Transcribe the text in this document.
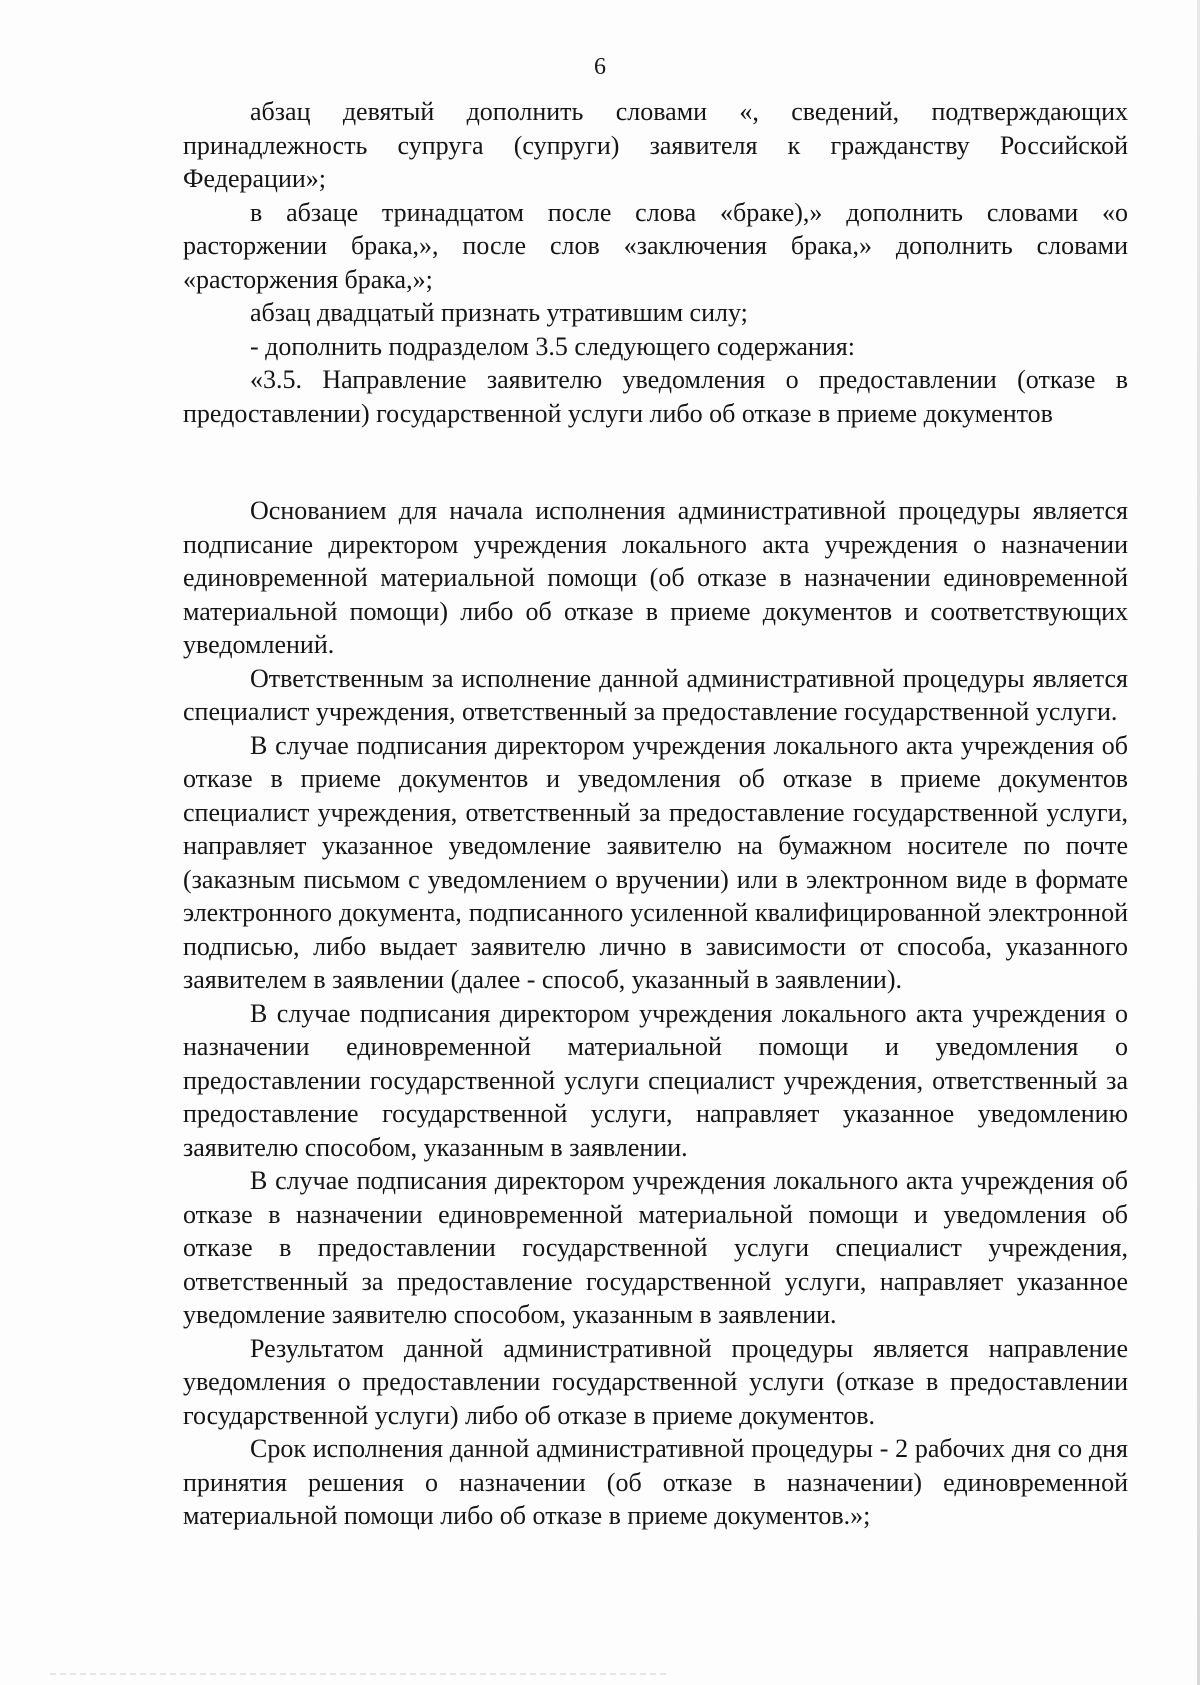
6

абзац девятый дополнить словами «, сведений, подтверждающих принадлежность супруга (супруги) заявителя к гражданству Российской Федерации»;

в абзаце тринадцатом после слова «браке),» дополнить словами «о расторжении брака,», после слов «заключения брака,» дополнить словами «расторжения брака,»;

абзац двадцатый признать утратившим силу;

- дополнить подразделом 3.5 следующего содержания:

«3.5. Направление заявителю уведомления о предоставлении (отказе в предоставлении) государственной услуги либо об отказе в приеме документов

Основанием для начала исполнения административной процедуры является подписание директором учреждения локального акта учреждения о назначении единовременной материальной помощи (об отказе в назначении единовременной материальной помощи) либо об отказе в приеме документов и соответствующих уведомлений.

Ответственным за исполнение данной административной процедуры является специалист учреждения, ответственный за предоставление государственной услуги.

В случае подписания директором учреждения локального акта учреждения об отказе в приеме документов и уведомления об отказе в приеме документов специалист учреждения, ответственный за предоставление государственной услуги, направляет указанное уведомление заявителю на бумажном носителе по почте (заказным письмом с уведомлением о вручении) или в электронном виде в формате электронного документа, подписанного усиленной квалифицированной электронной подписью, либо выдает заявителю лично в зависимости от способа, указанного заявителем в заявлении (далее - способ, указанный в заявлении).

В случае подписания директором учреждения локального акта учреждения о назначении единовременной материальной помощи и уведомления о предоставлении государственной услуги специалист учреждения, ответственный за предоставление государственной услуги, направляет указанное уведомлению заявителю способом, указанным в заявлении.

В случае подписания директором учреждения локального акта учреждения об отказе в назначении единовременной материальной помощи и уведомления об отказе в предоставлении государственной услуги специалист учреждения, ответственный за предоставление государственной услуги, направляет указанное уведомление заявителю способом, указанным в заявлении.

Результатом данной административной процедуры является направление уведомления о предоставлении государственной услуги (отказе в предоставлении государственной услуги) либо об отказе в приеме документов.

Срок исполнения данной административной процедуры - 2 рабочих дня со дня принятия решения о назначении (об отказе в назначении) единовременной материальной помощи либо об отказе в приеме документов.»;
